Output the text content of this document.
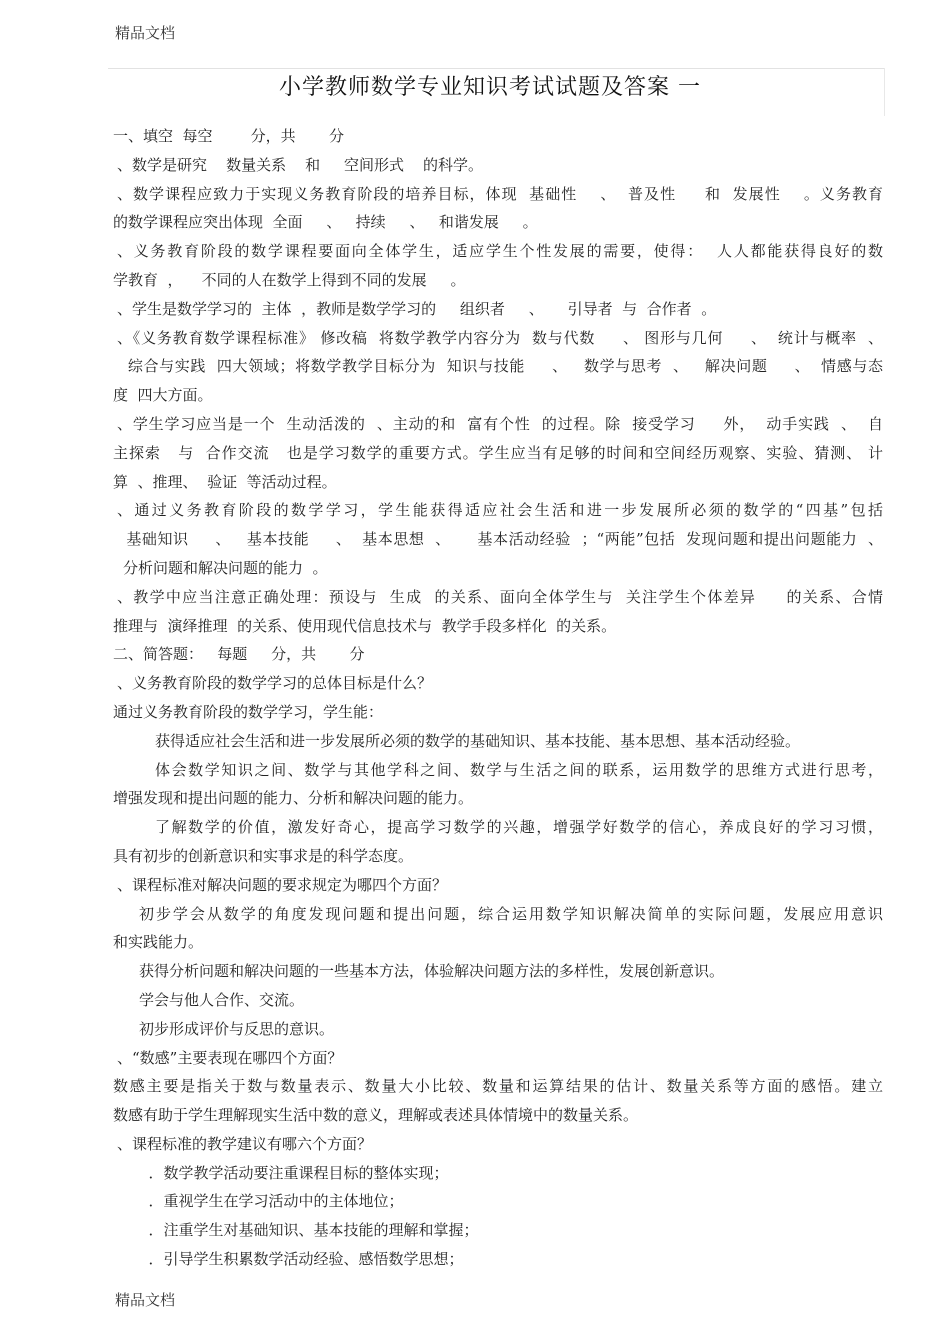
精品文档
小学教师数学专业知识考试试题及答案 一
一、填空  每空        分，共       分
、数学是研究    数量关系    和     空间形式    的科学。
、数学课程应致力于实现义务教育阶段的培养目标，体现  基础性    、  普及性     和  发展性    。义务教育
的数学课程应突出体现  全面     、   持续     、   和谐发展     。
、义务教育阶段的数学课程要面向全体学生，适应学生个性发展的需要，使得：  人人都能获得良好的数
学教育  ，    不同的人在数学上得到不同的发展     。
、学生是数学学习的  主体  ，教师是数学学习的     组织者     、     引导者  与  合作者  。
、《义务教育数学课程标准》 修改稿  将数学教学内容分为  数与代数     、 图形与几何     、  统计与概率  、
综合与实践  四大领域；将数学教学目标分为  知识与技能     、   数学与思考  、   解决问题     、  情感与态
度  四大方面。
、学生学习应当是一个  生动活泼的  、主动的和  富有个性  的过程。除  接受学习     外，  动手实践  、  自
主探索   与  合作交流   也是学习数学的重要方式。学生应当有足够的时间和空间经历观察、实验、猜测、 计
算  、推理、  验证  等活动过程。
、通过义务教育阶段的数学学习，学生能获得适应社会生活和进一步发展所必须的数学的“四基”包括
基础知识     、   基本技能     、  基本思想  、     基本活动经验  ；“两能”包括  发现问题和提出问题能力  、
分析问题和解决问题的能力  。
、教学中应当注意正确处理：预设与  生成  的关系、面向全体学生与  关注学生个体差异     的关系、合情
推理与  演绎推理  的关系、使用现代信息技术与  教学手段多样化  的关系。
二、简答题：   每题     分，共       分
、义务教育阶段的数学学习的总体目标是什么？
通过义务教育阶段的数学学习，学生能：
获得适应社会生活和进一步发展所必须的数学的基础知识、基本技能、基本思想、基本活动经验。
体会数学知识之间、数学与其他学科之间、数学与生活之间的联系，运用数学的思维方式进行思考，
增强发现和提出问题的能力、分析和解决问题的能力。
了解数学的价值，激发好奇心，提高学习数学的兴趣，增强学好数学的信心，养成良好的学习习惯，
具有初步的创新意识和实事求是的科学态度。
、课程标准对解决问题的要求规定为哪四个方面？
初步学会从数学的角度发现问题和提出问题，综合运用数学知识解决简单的实际问题，发展应用意识
和实践能力。
获得分析问题和解决问题的一些基本方法，体验解决问题方法的多样性，发展创新意识。
学会与他人合作、交流。
初步形成评价与反思的意识。
、“数感”主要表现在哪四个方面？
数感主要是指关于数与数量表示、数量大小比较、数量和运算结果的估计、数量关系等方面的感悟。建立
数感有助于学生理解现实生活中数的意义，理解或表述具体情境中的数量关系。
、课程标准的教学建议有哪六个方面？
．数学教学活动要注重课程目标的整体实现；
．重视学生在学习活动中的主体地位；
．注重学生对基础知识、基本技能的理解和掌握；
．引导学生积累数学活动经验、感悟数学思想；
精品文档
